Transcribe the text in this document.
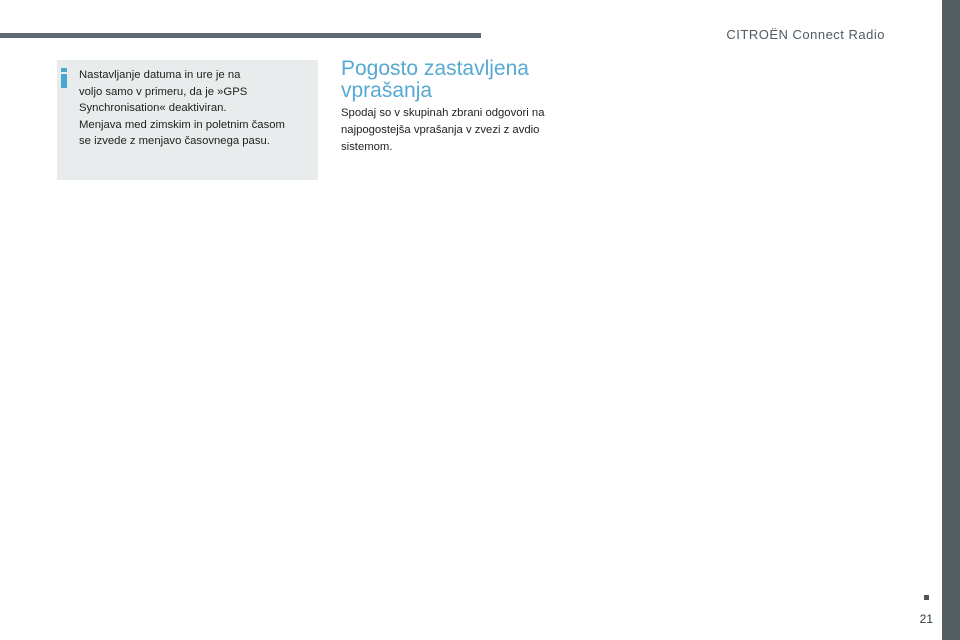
CITROËN Connect Radio

Nastavljanje datuma in ure je na

voljo samo v primeru, da je »GPS

Synchronisation« deaktiviran.

Menjava med zimskim in poletnim časom

se izvede z menjavo časovnega pasu.

Pogosto zastavljena
vprašanja
Spodaj so v skupinah zbrani odgovori na
najpogostejša vprašanja v zvezi z avdio
sistemom.
21
